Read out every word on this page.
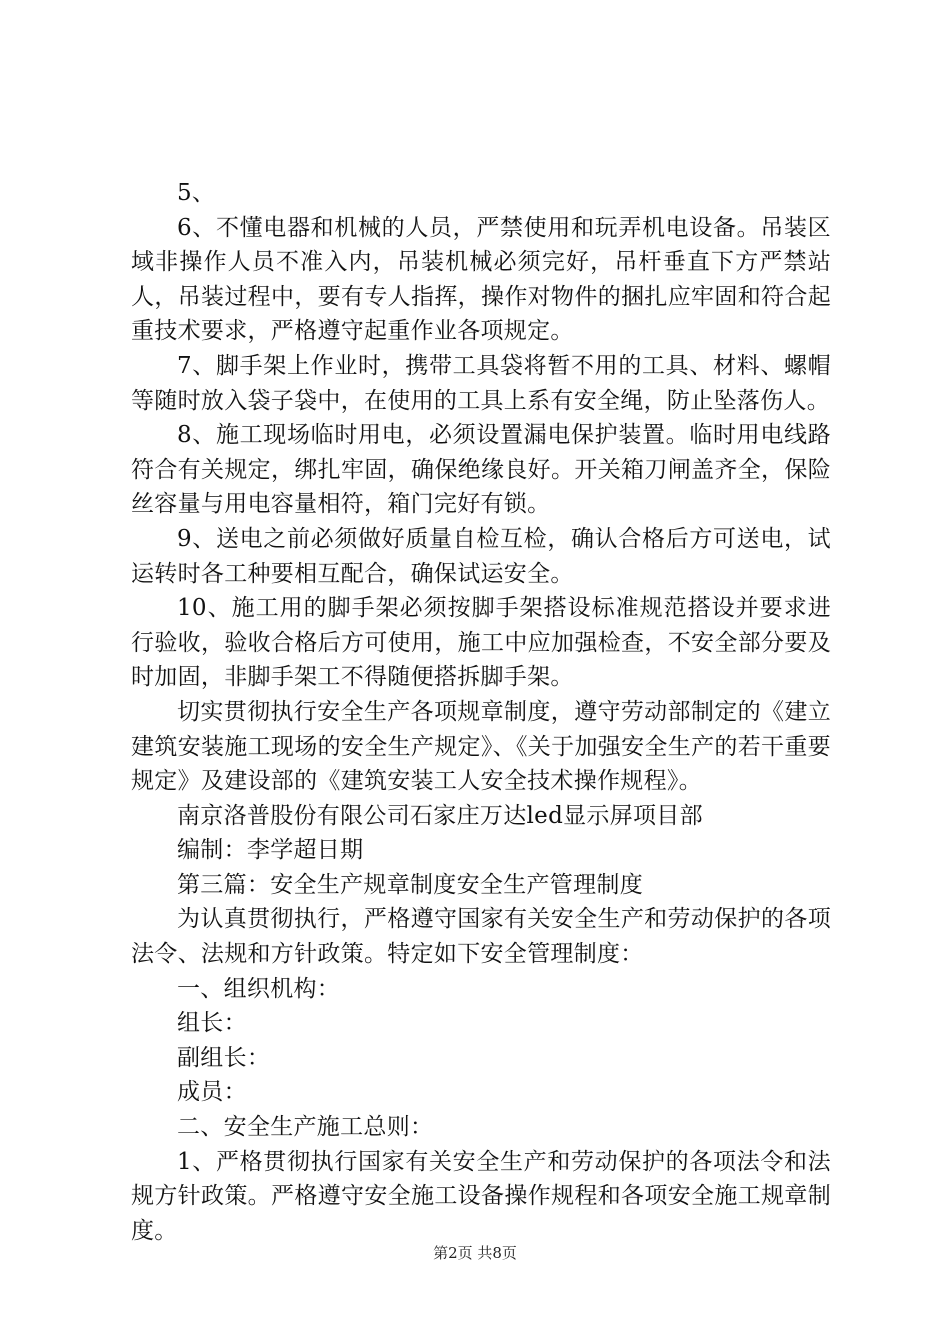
5、

6、不懂电器和机械的人员，严禁使用和玩弄机电设备。吊装区域非操作人员不准入内，吊装机械必须完好，吊杆垂直下方严禁站人，吊装过程中，要有专人指挥，操作对物件的捆扎应牢固和符合起重技术要求，严格遵守起重作业各项规定。

7、脚手架上作业时，携带工具袋将暂不用的工具、材料、螺帽等随时放入袋子袋中，在使用的工具上系有安全绳，防止坠落伤人。

8、施工现场临时用电，必须设置漏电保护装置。临时用电线路符合有关规定，绑扎牢固，确保绝缘良好。开关箱刀闸盖齐全，保险丝容量与用电容量相符，箱门完好有锁。

9、送电之前必须做好质量自检互检，确认合格后方可送电，试运转时各工种要相互配合，确保试运安全。

10、施工用的脚手架必须按脚手架搭设标准规范搭设并要求进行验收，验收合格后方可使用，施工中应加强检查，不安全部分要及时加固，非脚手架工不得随便搭拆脚手架。

切实贯彻执行安全生产各项规章制度，遵守劳动部制定的《建立建筑安装施工现场的安全生产规定》、《关于加强安全生产的若干重要规定》及建设部的《建筑安装工人安全技术操作规程》。

南京洛普股份有限公司石家庄万达led显示屏项目部

编制：李学超日期

第三篇：安全生产规章制度安全生产管理制度

为认真贯彻执行，严格遵守国家有关安全生产和劳动保护的各项法令、法规和方针政策。特定如下安全管理制度：

一、组织机构：

组长：

副组长：

成员：

二、安全生产施工总则：

1、严格贯彻执行国家有关安全生产和劳动保护的各项法令和法规方针政策。严格遵守安全施工设备操作规程和各项安全施工规章制度。

第2页 共8页
